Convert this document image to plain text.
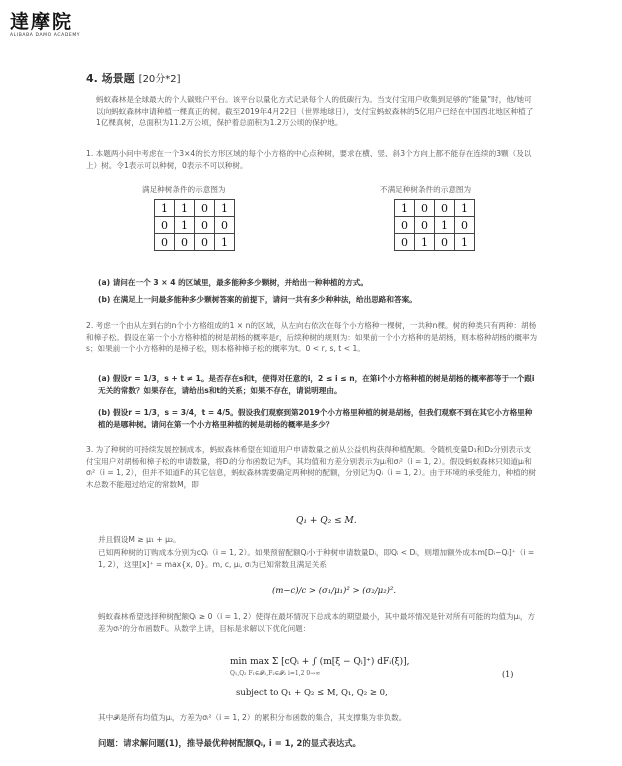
達摩院
ALIBABA DAMO ACADEMY
4. 场景题 [20分*2]
蚂蚁森林是全球最大的个人碳账户平台。该平台以量化方式记录每个人的低碳行为。当支付宝用户收集到足够的“能量”时，他/她可以向蚂蚁森林申请种植一棵真正的树。截至2019年4月22日（世界地球日），支付宝蚂蚁森林的5亿用户已经在中国西北地区种植了1亿棵真树，总面积为11.2万公顷，保护着总面积为1.2万公顷的保护地。
1. 本题两小问中考虑在一个3×4的长方形区域的每个小方格的中心点种树，要求在横、竖、斜3个方向上都不能存在连续的3颗（及以上）树。令1表示可以种树，0表示不可以种树。
满足种树条件的示意图为	不满足种树条件的示意图为
1	1	0	1
0	1	0	0
0	0	0	1
1	0	0	1
0	0	1	0
0	1	0	1
(a) 请问在一个 3 × 4 的区域里，最多能种多少颗树，并给出一种种植的方式。
(b) 在满足上一问最多能种多少颗树答案的前提下，请问一共有多少种种法，给出思路和答案。
2. 考虑一个由从左到右的n个小方格组成的1 × n的区域，从左向右依次在每个小方格种一棵树，一共种n棵。树的种类只有两种：胡杨和樟子松。假设在第一个小方格种植的树是胡杨的概率是r，后续种树的规则为：如果前一个小方格种的是胡杨，则本格种胡杨的概率为s；如果前一个小方格种的是樟子松，则本格种樟子松的概率为t。0 < r, s, t < 1。
(a) 假设r = 1/3，s + t ≠ 1。是否存在s和t，使得对任意的i，2 ≤ i ≤ n，在第i个小方格种植的树是胡杨的概率都等于一个跟i无关的常数？如果存在，请给出s和t的关系；如果不存在，请说明理由。
(b) 假设r = 1/3，s = 3/4，t = 4/5。假设我们观察到第2019个小方格里种植的树是胡杨，但我们观察不到在其它小方格里种植的是哪种树。请问在第一个小方格里种植的树是胡杨的概率是多少？
3. 为了种树的可持续发展控制成本，蚂蚁森林希望在知道用户申请数量之前从公益机构获得种植配额。令随机变量D₁和D₂分别表示支付宝用户对胡杨和樟子松的申请数量，将Dᵢ的分布函数记为Fᵢ，其均值和方差分别表示为μᵢ和σᵢ²（i = 1, 2）。假设蚂蚁森林只知道μᵢ和σᵢ²（i = 1, 2），但并不知道Fᵢ的其它信息，蚂蚁森林需要确定两种树的配额，分别记为Qᵢ（i = 1, 2）。由于环境的承受能力，种植的树木总数不能超过给定的常数M，即
Q₁ + Q₂ ≤ M.
并且假设M ≥ μ₁ + μ₂。
已知两种树的订购成本分别为cQᵢ（i = 1, 2）。如果预留配额Qᵢ小于种树申请数量Dᵢ，即Qᵢ < Dᵢ，则增加额外成本m[Dᵢ−Qᵢ]⁺（i = 1, 2），这里[x]⁺ = max{x, 0}。m, c, μᵢ, σᵢ为已知常数且满足关系
(m−c)/c > (σ₁/μ₁)² > (σ₂/μ₂)².
蚂蚁森林希望选择种树配额Qᵢ ≥ 0（i = 1, 2）使得在最坏情况下总成本的期望最小，其中最坏情况是针对所有可能的均值为μᵢ，方差为σᵢ²的分布函数Fᵢ。从数学上讲，目标是求解以下优化问题：
min max Σ [cQᵢ + ∫ (m[ξ − Qᵢ]⁺) dFᵢ(ξ)],
Q₁,Q₂ F₁∈𝓕₁,F₂∈𝓕₂ i=1,2 0→∞
subject to Q₁ + Q₂ ≤ M, Q₁, Q₂ ≥ 0,
(1)
其中𝓕ᵢ是所有均值为μᵢ，方差为σᵢ²（i = 1, 2）的累积分布函数的集合，其支撑集为非负数。
问题：请求解问题(1)，推导最优种树配额Qᵢ, i = 1, 2的显式表达式。
